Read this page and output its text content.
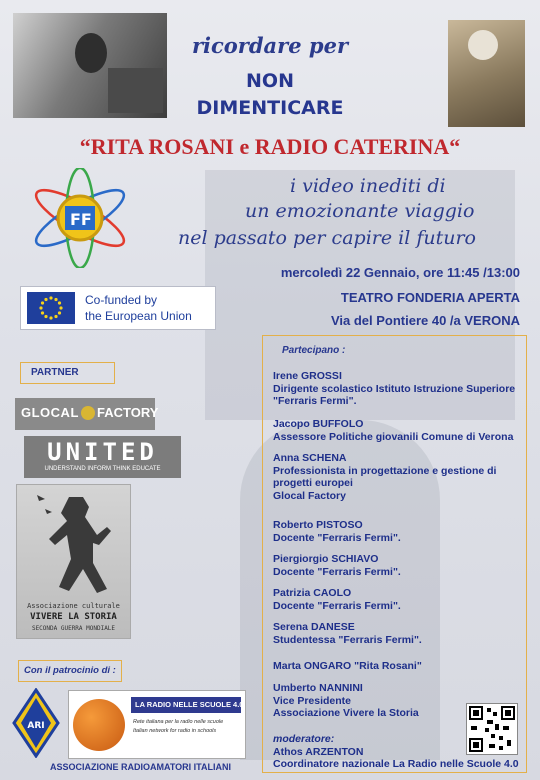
ricordare per
NON
DIMENTICARE
“RITA ROSANI e RADIO CATERINA“
FF
i video inediti di
un emozionante viaggio
nel passato per capire il futuro
mercoledì 22 Gennaio, ore 11:45 /13:00
TEATRO FONDERIA APERTA
Via del Pontiere 40 /a VERONA
Co-funded by
the European Union
PARTNER
GLOCAL FACTORY
UNITED
UNDERSTAND INFORM THINK EDUCATE
Associazione culturale
VIVERE LA STORIA
SECONDA GUERRA MONDIALE
Con il patrocinio di :
ARI
ASSOCIAZIONE RADIOAMATORI ITALIANI
LA RADIO NELLE SCUOLE 4.0
Rete italiana per la radio nelle scuole
Italian network for radio in schools
Partecipano :
Irene GROSSI
Dirigente scolastico Istituto Istruzione Superiore
"Ferraris Fermi".
Jacopo BUFFOLO
Assessore Politiche giovanili Comune di Verona
Anna SCHENA
Professionista in progettazione e gestione di
progetti europei
Glocal Factory
Roberto PISTOSO
Docente "Ferraris Fermi".
Piergiorgio SCHIAVO
Docente "Ferraris Fermi".
Patrizia CAOLO
Docente "Ferraris Fermi".
Serena DANESE
Studentessa "Ferraris Fermi".
Marta ONGARO "Rita Rosani"
Umberto NANNINI
Vice Presidente
Associazione Vivere la Storia
moderatore:
Athos ARZENTON
Coordinatore nazionale La Radio nelle Scuole 4.0
